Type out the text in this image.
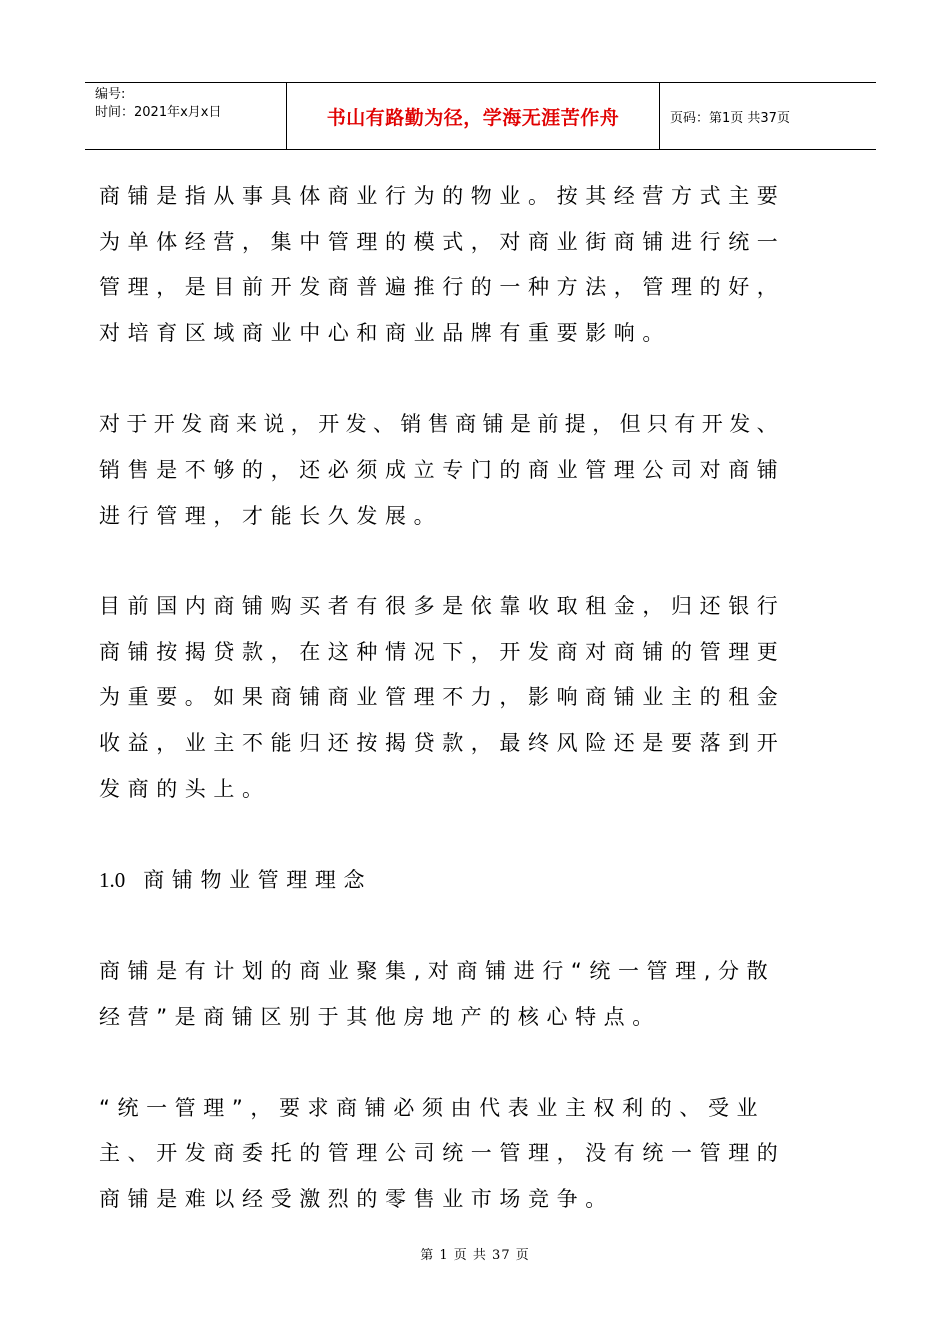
编号:
时间：2021年x月x日	书山有路勤为径，学海无涯苦作舟	页码：第1页 共37页
商铺是指从事具体商业行为的物业。按其经营方式主要
为单体经营，集中管理的模式，对商业街商铺进行统一
管理，是目前开发商普遍推行的一种方法，管理的好，
对培育区域商业中心和商业品牌有重要影响。
对于开发商来说，开发、销售商铺是前提，但只有开发、
销售是不够的，还必须成立专门的商业管理公司对商铺
进行管理，才能长久发展。
目前国内商铺购买者有很多是依靠收取租金，归还银行
商铺按揭贷款，在这种情况下，开发商对商铺的管理更
为重要。如果商铺商业管理不力，影响商铺业主的租金
收益，业主不能归还按揭贷款，最终风险还是要落到开
发商的头上。
1.0 商铺物业管理理念
商铺是有计划的商业聚集,对商铺进行“统一管理,分散
经营”是商铺区别于其他房地产的核心特点。
“统一管理”，要求商铺必须由代表业主权利的、受业
主、开发商委托的管理公司统一管理，没有统一管理的
商铺是难以经受激烈的零售业市场竞争。
第 1 页 共 37 页
